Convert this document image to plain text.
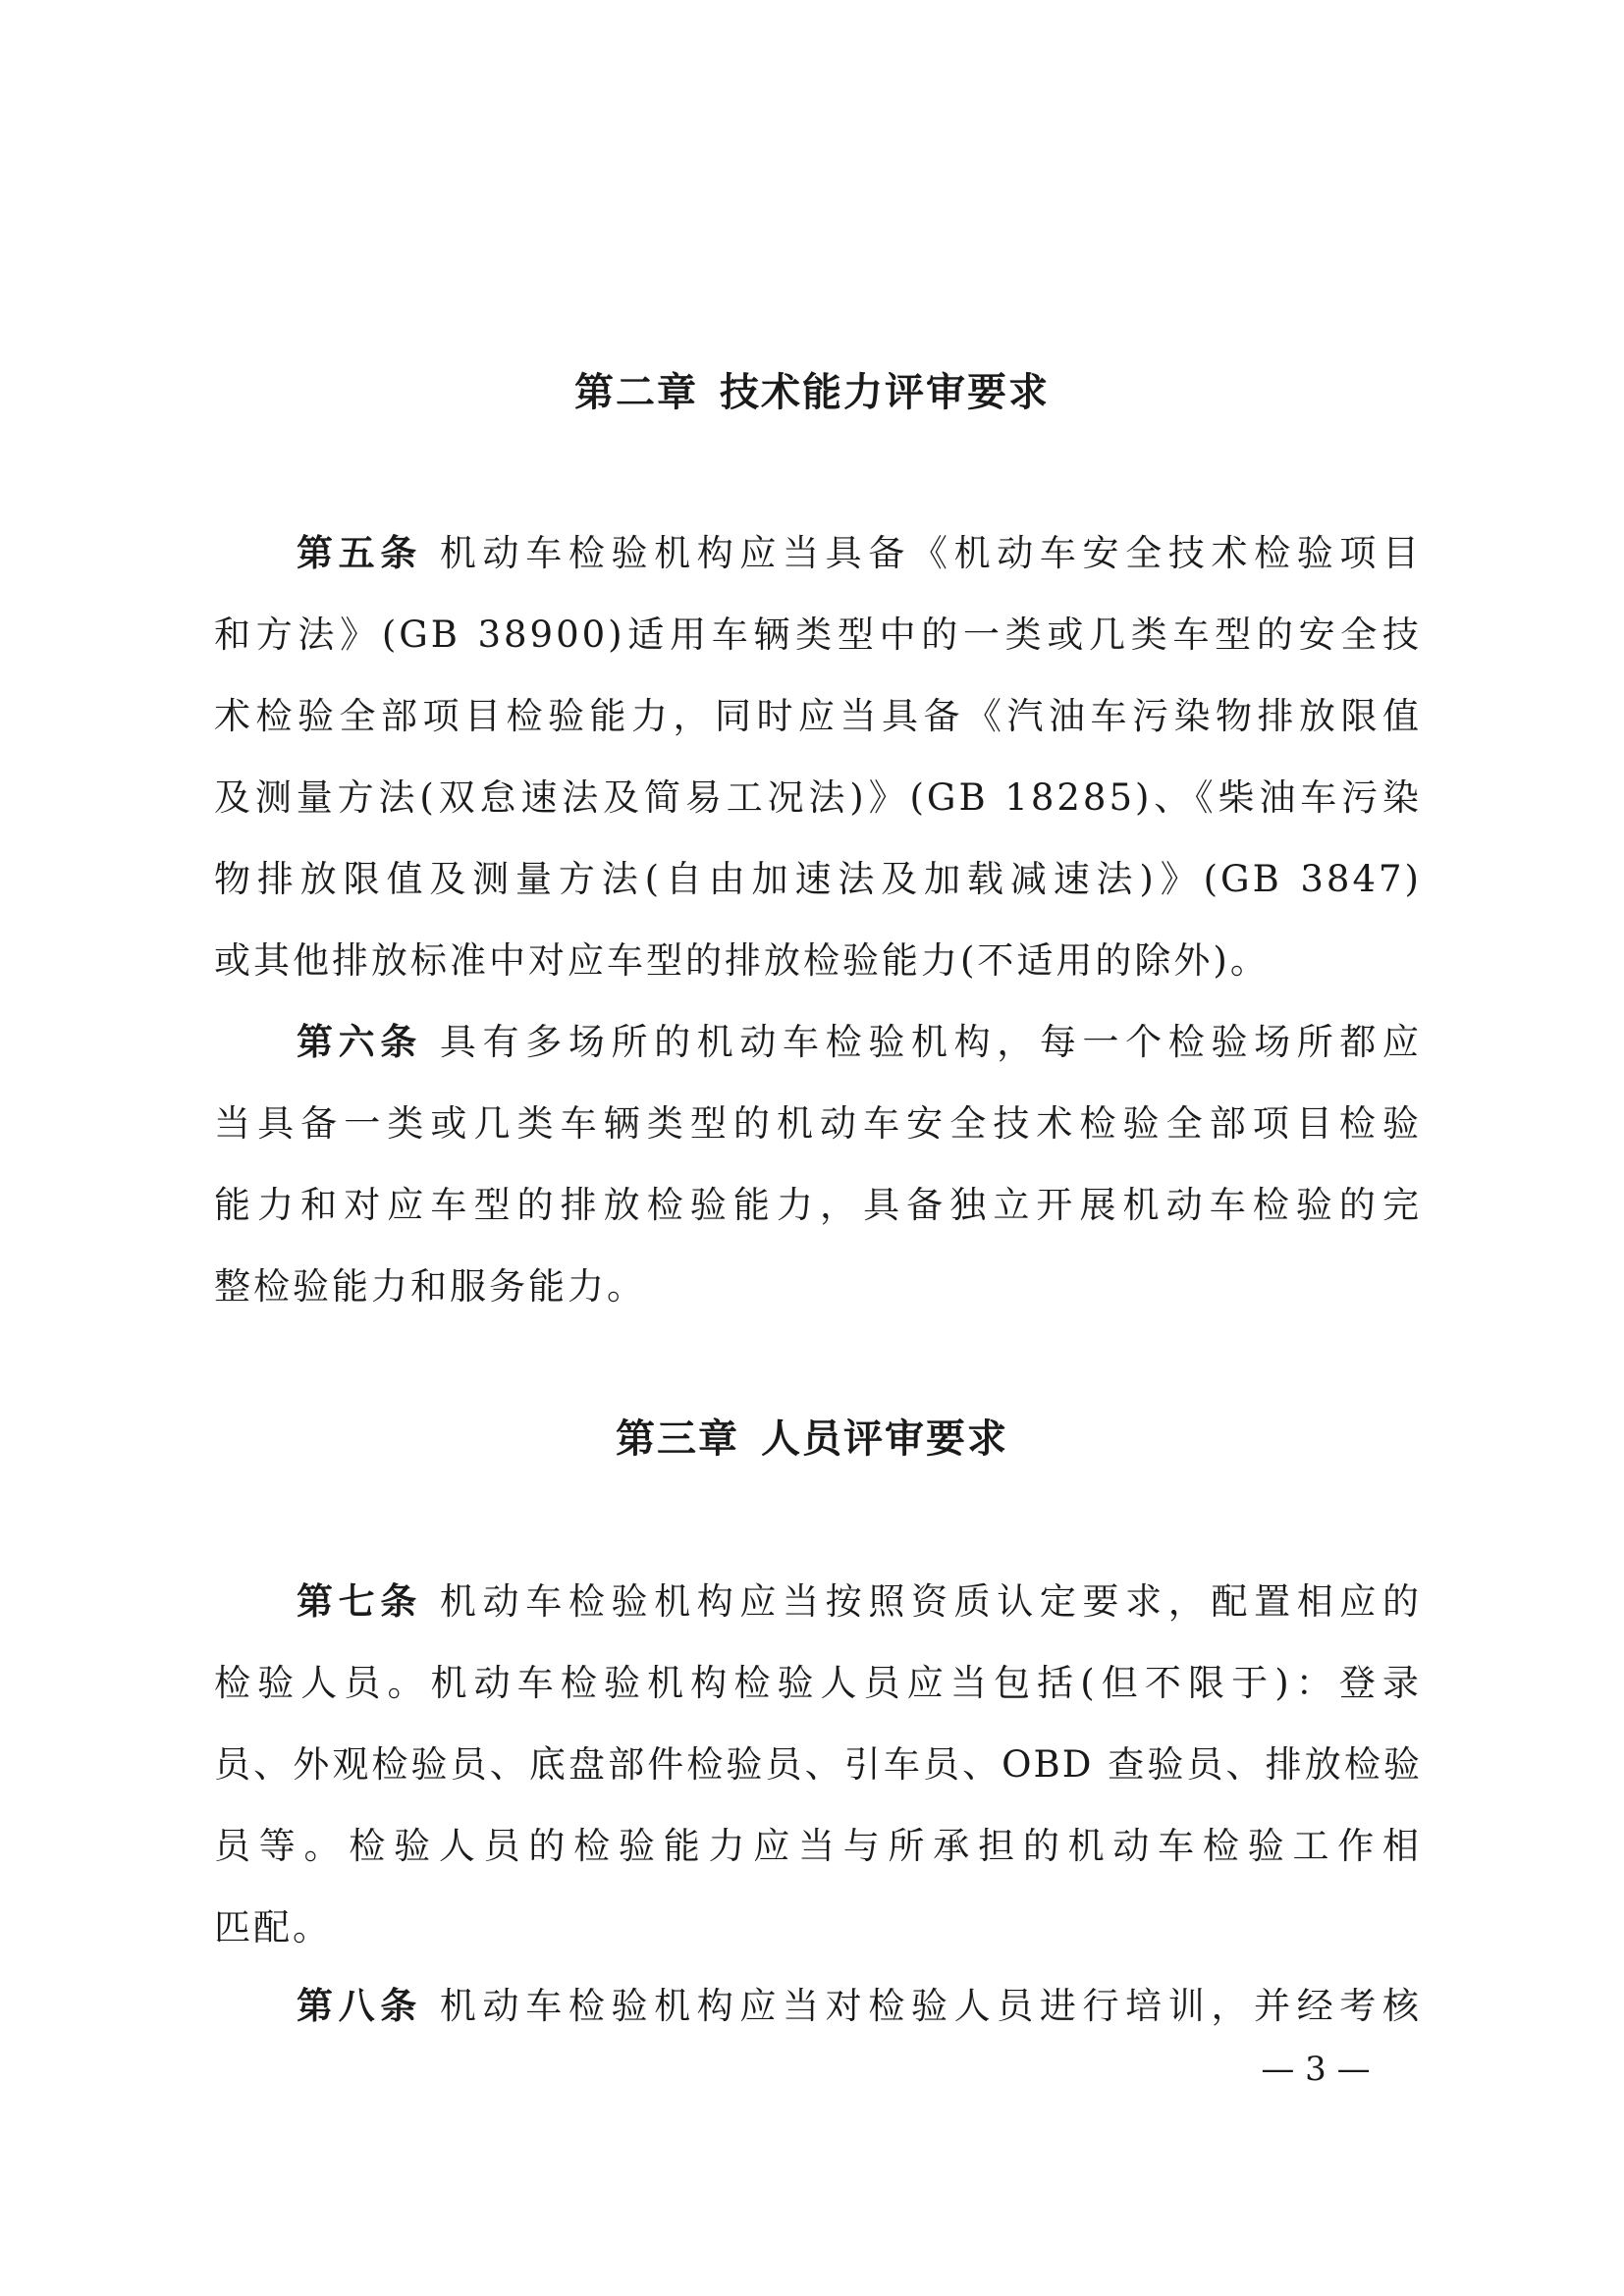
第二章 技术能力评审要求
第五条 机动车检验机构应当具备《机动车安全技术检验项目
和方法》(GB 38900)适用车辆类型中的一类或几类车型的安全技
术检验全部项目检验能力，同时应当具备《汽油车污染物排放限值
及测量方法(双怠速法及简易工况法)》(GB 18285)、《柴油车污染
物排放限值及测量方法(自由加速法及加载减速法)》(GB 3847)
或其他排放标准中对应车型的排放检验能力(不适用的除外)。
第六条 具有多场所的机动车检验机构，每一个检验场所都应
当具备一类或几类车辆类型的机动车安全技术检验全部项目检验
能力和对应车型的排放检验能力，具备独立开展机动车检验的完
整检验能力和服务能力。
第三章 人员评审要求
第七条 机动车检验机构应当按照资质认定要求，配置相应的
检验人员。机动车检验机构检验人员应当包括(但不限于)：登录
员、外观检验员、底盘部件检验员、引车员、OBD 查验员、排放检验
员等。检验人员的检验能力应当与所承担的机动车检验工作相
匹配。
第八条 机动车检验机构应当对检验人员进行培训，并经考核
— 3 —
